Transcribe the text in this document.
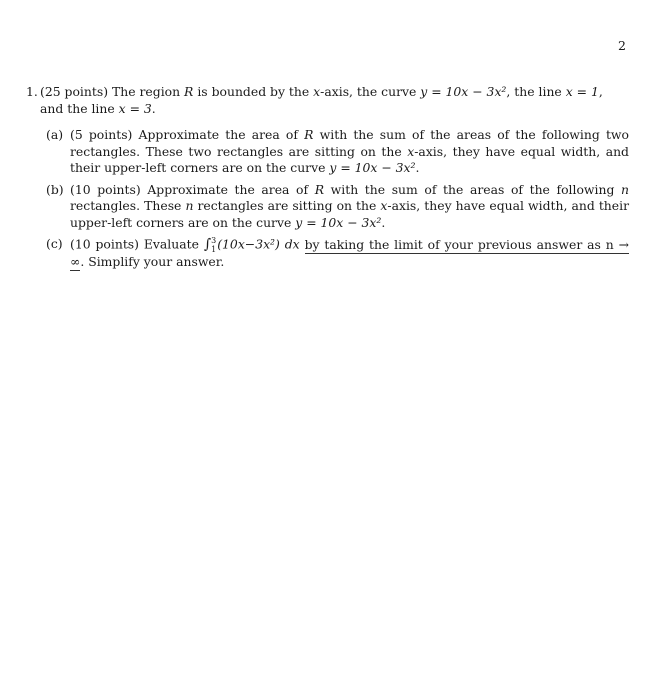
2
1. (25 points) The region R is bounded by the x-axis, the curve y = 10x − 3x², the line x = 1, and the line x = 3.
(a) (5 points) Approximate the area of R with the sum of the areas of the following two rectangles. These two rectangles are sitting on the x-axis, they have equal width, and their upper-left corners are on the curve y = 10x − 3x².
(b) (10 points) Approximate the area of R with the sum of the areas of the following n rectangles. These n rectangles are sitting on the x-axis, they have equal width, and their upper-left corners are on the curve y = 10x − 3x².
(c) (10 points) Evaluate ∫ 3
1 (10x−3x²) dx by taking the limit of your previous answer as n → ∞. Simplify your answer.
